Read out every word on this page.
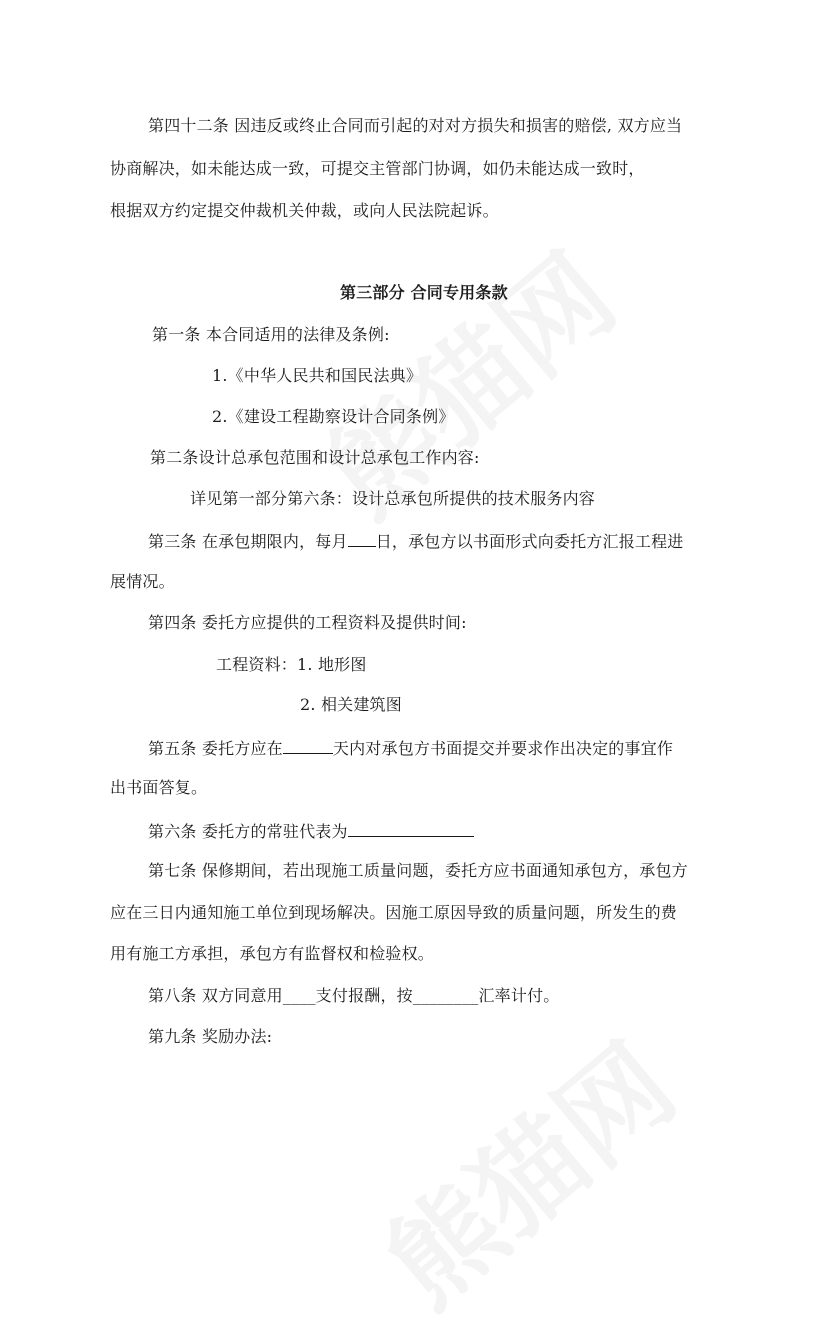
第四十二条 因违反或终止合同而引起的对对方损失和损害的赔偿, 双方应当
协商解决，如未能达成一致，可提交主管部门协调，如仍未能达成一致时，
根据双方约定提交仲裁机关仲裁，或向人民法院起诉。
第三部分 合同专用条款
第一条 本合同适用的法律及条例:
1.《中华人民共和国民法典》
2.《建设工程勘察设计合同条例》
第二条设计总承包范围和设计总承包工作内容:
详见第一部分第六条：设计总承包所提供的技术服务内容
第三条 在承包期限内，每月 日，承包方以书面形式向委托方汇报工程进
展情况。
第四条 委托方应提供的工程资料及提供时间:
工程资料：1. 地形图
2. 相关建筑图
第五条 委托方应在	天内对承包方书面提交并要求作出决定的事宜作
出书面答复。
第六条 委托方的常驻代表为
第七条 保修期间，若出现施工质量问题，委托方应书面通知承包方，承包方
应在三日内通知施工单位到现场解决。因施工原因导致的质量问题，所发生的费
用有施工方承担，承包方有监督权和检验权。
第八条 双方同意用____支付报酬，按________汇率计付。
第九条 奖励办法:
